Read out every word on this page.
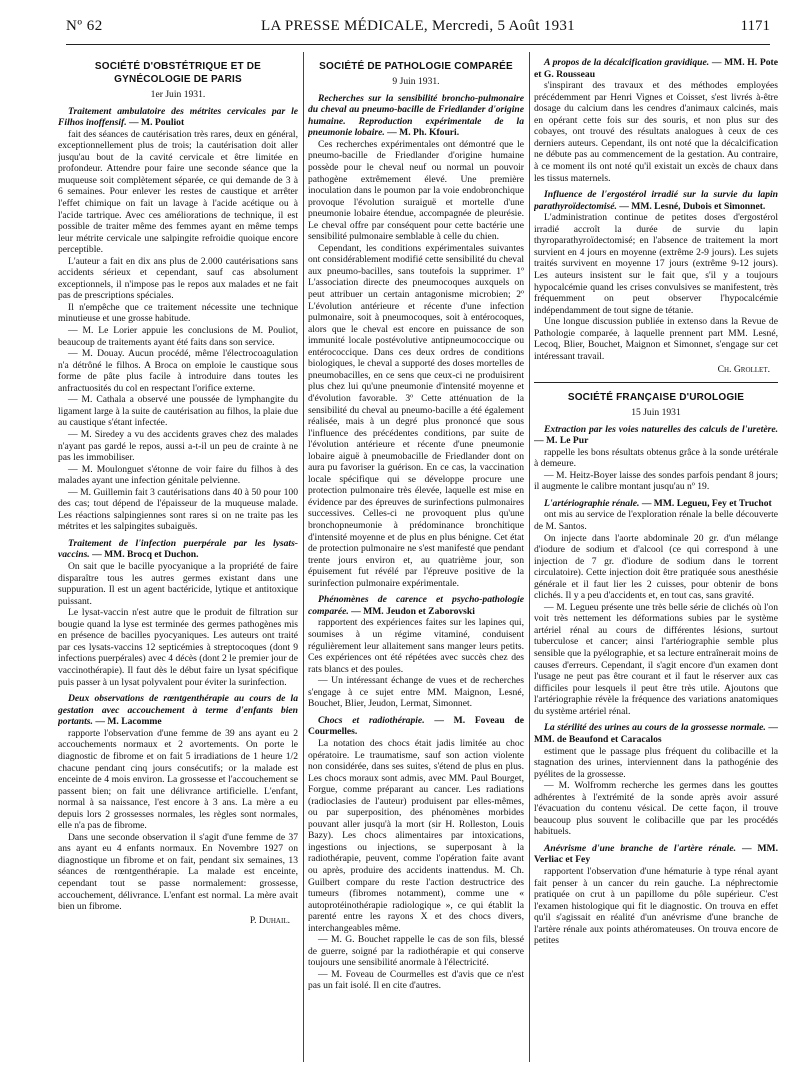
Nº 62	LA PRESSE MÉDICALE, Mercredi, 5 Août 1931	1171
SOCIÉTÉ D'OBSTÉTRIQUE ET DE GYNÉCOLOGIE DE PARIS
1er Juin 1931.
Traitement ambulatoire des métrites cervicales par le Filhos inoffensif. — M. Pouliot

fait des séances de cautérisation très rares, deux en général, exceptionnellement plus de trois; la cautérisation doit aller jusqu'au bout de la cavité cervicale et être limitée en profondeur. Attendre pour faire une seconde séance que la muqueuse soit complètement séparée, ce qui demande de 3 à 6 semaines. Pour enlever les restes de caustique et arrêter l'effet chimique on fait un lavage à l'acide acétique ou à l'acide tartrique. Avec ces améliorations de technique, il est possible de traiter même des femmes ayant en même temps leur métrite cervicale une salpingite refroidie quoique encore perceptible.

L'auteur a fait en dix ans plus de 2.000 cautérisations sans accidents sérieux et cependant, sauf cas absolument exceptionnels, il n'impose pas le repos aux malades et ne fait pas de prescriptions spéciales.

Il n'empêche que ce traitement nécessite une technique minutieuse et une grosse habitude.

— M. Le Lorier appuie les conclusions de M. Pouliot, beaucoup de traitements ayant été faits dans son service.

— M. Douay. Aucun procédé, même l'électrocoagulation n'a détrôné le filhos. A Broca on emploie le caustique sous forme de pâte plus facile à introduire dans toutes les anfractuosités du col en respectant l'orifice externe.

— M. Cathala a observé une poussée de lymphangite du ligament large à la suite de cautérisation au filhos, la plaie due au caustique s'étant infectée.

— M. Siredey a vu des accidents graves chez des malades n'ayant pas gardé le repos, aussi a-t-il un peu de crainte à ne pas les immobiliser.

— M. Moulonguet s'étonne de voir faire du filhos à des malades ayant une infection génitale pelvienne.

— M. Guillemin fait 3 cautérisations dans 40 à 50 pour 100 des cas; tout dépend de l'épaisseur de la muqueuse malade. Les réactions salpingiennes sont rares si on ne traite pas les métrites et les salpingites subaiguës.

Traitement de l'infection puerpérale par les lysats-vaccins. — MM. Brocq et Duchon.

On sait que le bacille pyocyanique a la propriété de faire disparaître tous les autres germes existant dans une suppuration. Il est un agent bactéricide, lytique et antitoxique puissant.

Le lysat-vaccin n'est autre que le produit de filtration sur bougie quand la lyse est terminée des germes pathogènes mis en présence de bacilles pyocyaniques. Les auteurs ont traité par ces lysats-vaccins 12 septicémies à streptocoques (dont 9 infections puerpérales) avec 4 décès (dont 2 le premier jour de vaccinothérapie). Il faut dès le début faire un lysat spécifique puis passer à un lysat polyvalent pour éviter la surinfection.

Deux observations de rœntgenthérapie au cours de la gestation avec accouchement à terme d'enfants bien portants. — M. Lacomme

rapporte l'observation d'une femme de 39 ans ayant eu 2 accouchements normaux et 2 avortements. On porte le diagnostic de fibrome et on fait 5 irradiations de 1 heure 1/2 chacune pendant cinq jours consécutifs; or la malade est enceinte de 4 mois environ. La grossesse et l'accouchement se passent bien; on fait une délivrance artificielle. L'enfant, normal à sa naissance, l'est encore à 3 ans. La mère a eu depuis lors 2 grossesses normales, les règles sont normales, elle n'a pas de fibrome.

Dans une seconde observation il s'agit d'une femme de 37 ans ayant eu 4 enfants normaux. En Novembre 1927 on diagnostique un fibrome et on fait, pendant six semaines, 13 séances de rœntgenthérapie. La malade est enceinte, cependant tout se passe normalement: grossesse, accouchement, délivrance. L'enfant est normal. La mère avait bien un fibrome.

P. Duhail.
SOCIÉTÉ DE PATHOLOGIE COMPARÉE
9 Juin 1931.
Recherches sur la sensibilité broncho-pulmonaire du cheval au pneumo-bacille de Friedlander d'origine humaine. Reproduction expérimentale de la pneumonie lobaire. — M. Ph. Kfouri.

Ces recherches expérimentales ont démontré que le pneumo-bacille de Friedlander d'origine humaine possède pour le cheval neuf ou normal un pouvoir pathogène extrêmement élevé. Une première inoculation dans le poumon par la voie endobronchique provoque l'évolution suraiguë et mortelle d'une pneumonie lobaire étendue, accompagnée de pleurésie. Le cheval offre par conséquent pour cette bactérie une sensibilité pulmonaire semblable à celle du chien.

Cependant, les conditions expérimentales suivantes ont considérablement modifié cette sensibilité du cheval aux pneumo-bacilles, sans toutefois la supprimer. 1º L'association directe des pneumocoques auxquels on peut attribuer un certain antagonisme microbien; 2º L'évolution antérieure et récente d'une infection pulmonaire, soit à pneumocoques, soit à entérocoques, alors que le cheval est encore en puissance de son immunité locale postévolutive antipneumococcique ou entérococcique. Dans ces deux ordres de conditions biologiques, le cheval a supporté des doses mortelles de pneumobacilles, en ce sens que ceux-ci ne produisirent plus chez lui qu'une pneumonie d'intensité moyenne et d'évolution favorable. 3º Cette atténuation de la sensibilité du cheval au pneumo-bacille a été également réalisée, mais à un degré plus prononcé que sous l'influence des précédentes conditions, par suite de l'évolution antérieure et récente d'une pneumonie lobaire aiguë à pneumobacille de Friedlander dont on aura pu favoriser la guérison. En ce cas, la vaccination locale spécifique qui se développe procure une protection pulmonaire très élevée, laquelle est mise en évidence par des épreuves de surinfections pulmonaires successives. Celles-ci ne provoquent plus qu'une bronchopneumonie à prédominance bronchitique d'intensité moyenne et de plus en plus bénigne. Cet état de protection pulmonaire ne s'est manifesté que pendant trente jours environ et, au quatrième jour, son épuisement fut révélé par l'épreuve positive de la surinfection pulmonaire expérimentale.

Phénomènes de carence et psycho-pathologie comparée. — MM. Jeudon et Zaborovski

rapportent des expériences faites sur les lapines qui, soumises à un régime vitaminé, conduisent régulièrement leur allaitement sans manger leurs petits. Ces expériences ont été répétées avec succès chez des rats blancs et des poules.

— Un intéressant échange de vues et de recherches s'engage à ce sujet entre MM. Maignon, Lesné, Bouchet, Blier, Jeudon, Lermat, Simonnet.

Chocs et radiothérapie. — M. Foveau de Courmelles.

La notation des chocs était jadis limitée au choc opératoire. Le traumatisme, sauf son action violente non considérée, dans ses suites, s'étend de plus en plus. Les chocs moraux sont admis, avec MM. Paul Bourget, Forgue, comme préparant au cancer. Les radiations (radioclasies de l'auteur) produisent par elles-mêmes, ou par superposition, des phénomènes morbides pouvant aller jusqu'à la mort (sir H. Rolleston, Louis Bazy). Les chocs alimentaires par intoxications, ingestions ou injections, se superposant à la radiothérapie, peuvent, comme l'opération faite avant ou après, produire des accidents inattendus. M. Ch. Guilbert compare du reste l'action destructrice des tumeurs (fibromes notamment), comme une « autoprotéinothérapie radiologique », ce qui établit la parenté entre les rayons X et des chocs divers, interchangeables même.

— M. G. Bouchet rappelle le cas de son fils, blessé de guerre, soigné par la radiothérapie et qui conserve toujours une sensibilité anormale à l'électricité.

— M. Foveau de Courmelles est d'avis que ce n'est pas un fait isolé. Il en cite d'autres.

A propos de la décalcification gravidique. — MM. H. Pote et G. Rousseau

s'inspirant des travaux et des méthodes employées précédemment par Henri Vignes et Coisset, s'est livrés à-être dosage du calcium dans les cendres d'animaux calcinés, mais en opérant cette fois sur des souris, et non plus sur des cobayes, ont trouvé des résultats analogues à ceux de ces derniers auteurs. Cependant, ils ont noté que la décalcification ne débute pas au commencement de la gestation. Au contraire, à ce moment ils ont noté qu'il existait un excès de chaux dans les tissus maternels.

Influence de l'ergostérol irradié sur la survie du lapin parathyroïdectomisé. — MM. Lesné, Dubois et Simonnet.

L'administration continue de petites doses d'ergostérol irradié accroît la durée de survie du lapin thyroparathyroïdectomisé; en l'absence de traitement la mort survient en 4 jours en moyenne (extrême 2-9 jours). Les sujets traités survivent en moyenne 17 jours (extrême 9-12 jours). Les auteurs insistent sur le fait que, s'il y a toujours hypocalcémie quand les crises convulsives se manifestent, très fréquemment on peut observer l'hypocalcémie indépendamment de tout signe de tétanie.

Une longue discussion publiée in extenso dans la Revue de Pathologie comparée, à laquelle prennent part MM. Lesné, Lecoq, Blier, Bouchet, Maignon et Simonnet, s'engage sur cet intéressant travail.

Ch. Grollet.
SOCIÉTÉ FRANÇAISE D'UROLOGIE
15 Juin 1931
Extraction par les voies naturelles des calculs de l'uretère. — M. Le Pur

rappelle les bons résultats obtenus grâce à la sonde urétérale à demeure.

— M. Heitz-Boyer laisse des sondes parfois pendant 8 jours; il augmente le calibre montant jusqu'au nº 19.

L'artériographie rénale. — MM. Legueu, Fey et Truchot

ont mis au service de l'exploration rénale la belle découverte de M. Santos.

On injecte dans l'aorte abdominale 20 gr. d'un mélange d'iodure de sodium et d'alcool (ce qui correspond à une injection de 7 gr. d'iodure de sodium dans le torrent circulatoire). Cette injection doit être pratiquée sous anesthésie générale et il faut lier les 2 cuisses, pour obtenir de bons clichés. Il y a peu d'accidents et, en tout cas, sans gravité.

— M. Legueu présente une très belle série de clichés où l'on voit très nettement les déformations subies par le système artériel rénal au cours de différentes lésions, surtout tuberculose et cancer; ainsi l'artériographie semble plus sensible que la pyélographie, et sa lecture entraînerait moins de causes d'erreurs. Cependant, il s'agit encore d'un examen dont l'usage ne peut pas être courant et il faut le réserver aux cas difficiles pour lesquels il peut être très utile. Ajoutons que l'artériographie révèle la fréquence des variations anatomiques du système artériel rénal.

La stérilité des urines au cours de la grossesse normale. — MM. de Beaufond et Caracalos

estiment que le passage plus fréquent du colibacille et la stagnation des urines, interviennent dans la pathogénie des pyélites de la grossesse.

— M. Wolfromm recherche les germes dans les gouttes adhérentes à l'extrémité de la sonde après avoir assuré l'évacuation du contenu vésical. De cette façon, il trouve beaucoup plus souvent le colibacille que par les procédés habituels.

Anévrisme d'une branche de l'artère rénale. — MM. Verliac et Fey

rapportent l'observation d'une hématurie à type rénal ayant fait penser à un cancer du rein gauche. La néphrectomie pratiquée on crut à un papillome du pôle supérieur. C'est l'examen histologique qui fit le diagnostic. On trouva en effet qu'il s'agissait en réalité d'un anévrisme d'une branche de l'artère rénale aux points athéromateuses. On trouva encore de petites
